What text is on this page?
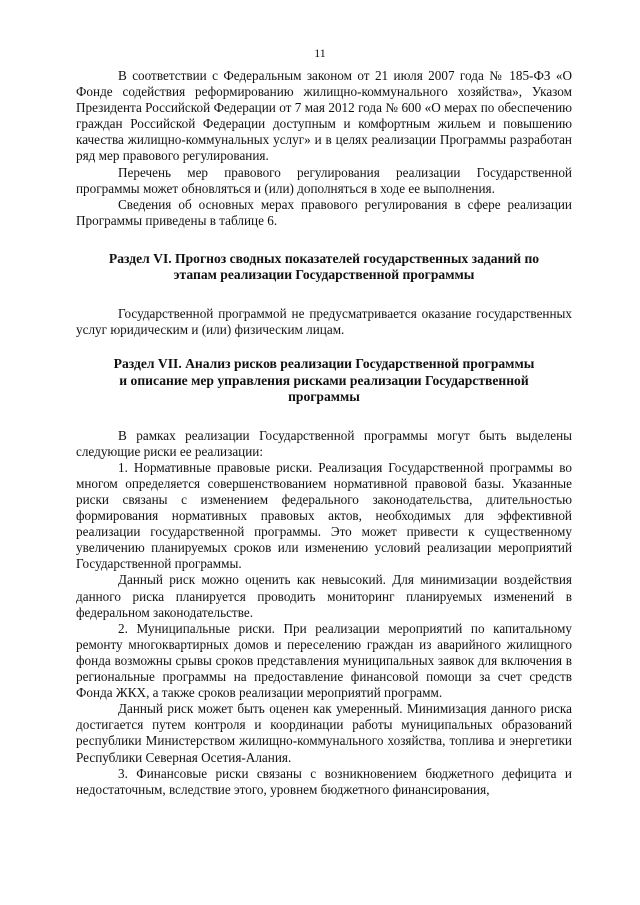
11

В соответствии с Федеральным законом от 21 июля 2007 года № 185-ФЗ «О Фонде содействия реформированию жилищно-коммунального хозяйства», Указом Президента Российской Федерации от 7 мая 2012 года № 600 «О мерах по обеспечению граждан Российской Федерации доступным и комфортным жильем и повышению качества жилищно-коммунальных услуг» и в целях реализации Программы разработан ряд мер правового регулирования.

Перечень мер правового регулирования реализации Государственной программы может обновляться и (или) дополняться в ходе ее выполнения.

Сведения об основных мерах правового регулирования в сфере реализации Программы приведены в таблице 6.

Раздел VI. Прогноз сводных показателей государственных заданий по
этапам реализации Государственной программы

Государственной программой не предусматривается оказание государственных услуг юридическим и (или) физическим лицам.

Раздел VII. Анализ рисков реализации Государственной программы
и описание мер управления рисками реализации Государственной
программы

В рамках реализации Государственной программы могут быть выделены следующие риски ее реализации:

1. Нормативные правовые риски. Реализация Государственной программы во многом определяется совершенствованием нормативной правовой базы. Указанные риски связаны с изменением федерального законодательства, длительностью формирования нормативных правовых актов, необходимых для эффективной реализации государственной программы. Это может привести к существенному увеличению планируемых сроков или изменению условий реализации мероприятий Государственной программы.

Данный риск можно оценить как невысокий. Для минимизации воздействия данного риска планируется проводить мониторинг планируемых изменений в федеральном законодательстве.

2. Муниципальные риски. При реализации мероприятий по капитальному ремонту многоквартирных домов и переселению граждан из аварийного жилищного фонда возможны срывы сроков представления муниципальных заявок для включения в региональные программы на предоставление финансовой помощи за счет средств Фонда ЖКХ, а также сроков реализации мероприятий программ.

Данный риск может быть оценен как умеренный. Минимизация данного риска достигается путем контроля и координации работы муниципальных образований республики Министерством жилищно-коммунального хозяйства, топлива и энергетики Республики Северная Осетия-Алания.

3. Финансовые риски связаны с возникновением бюджетного дефицита и недостаточным, вследствие этого, уровнем бюджетного финансирования,
